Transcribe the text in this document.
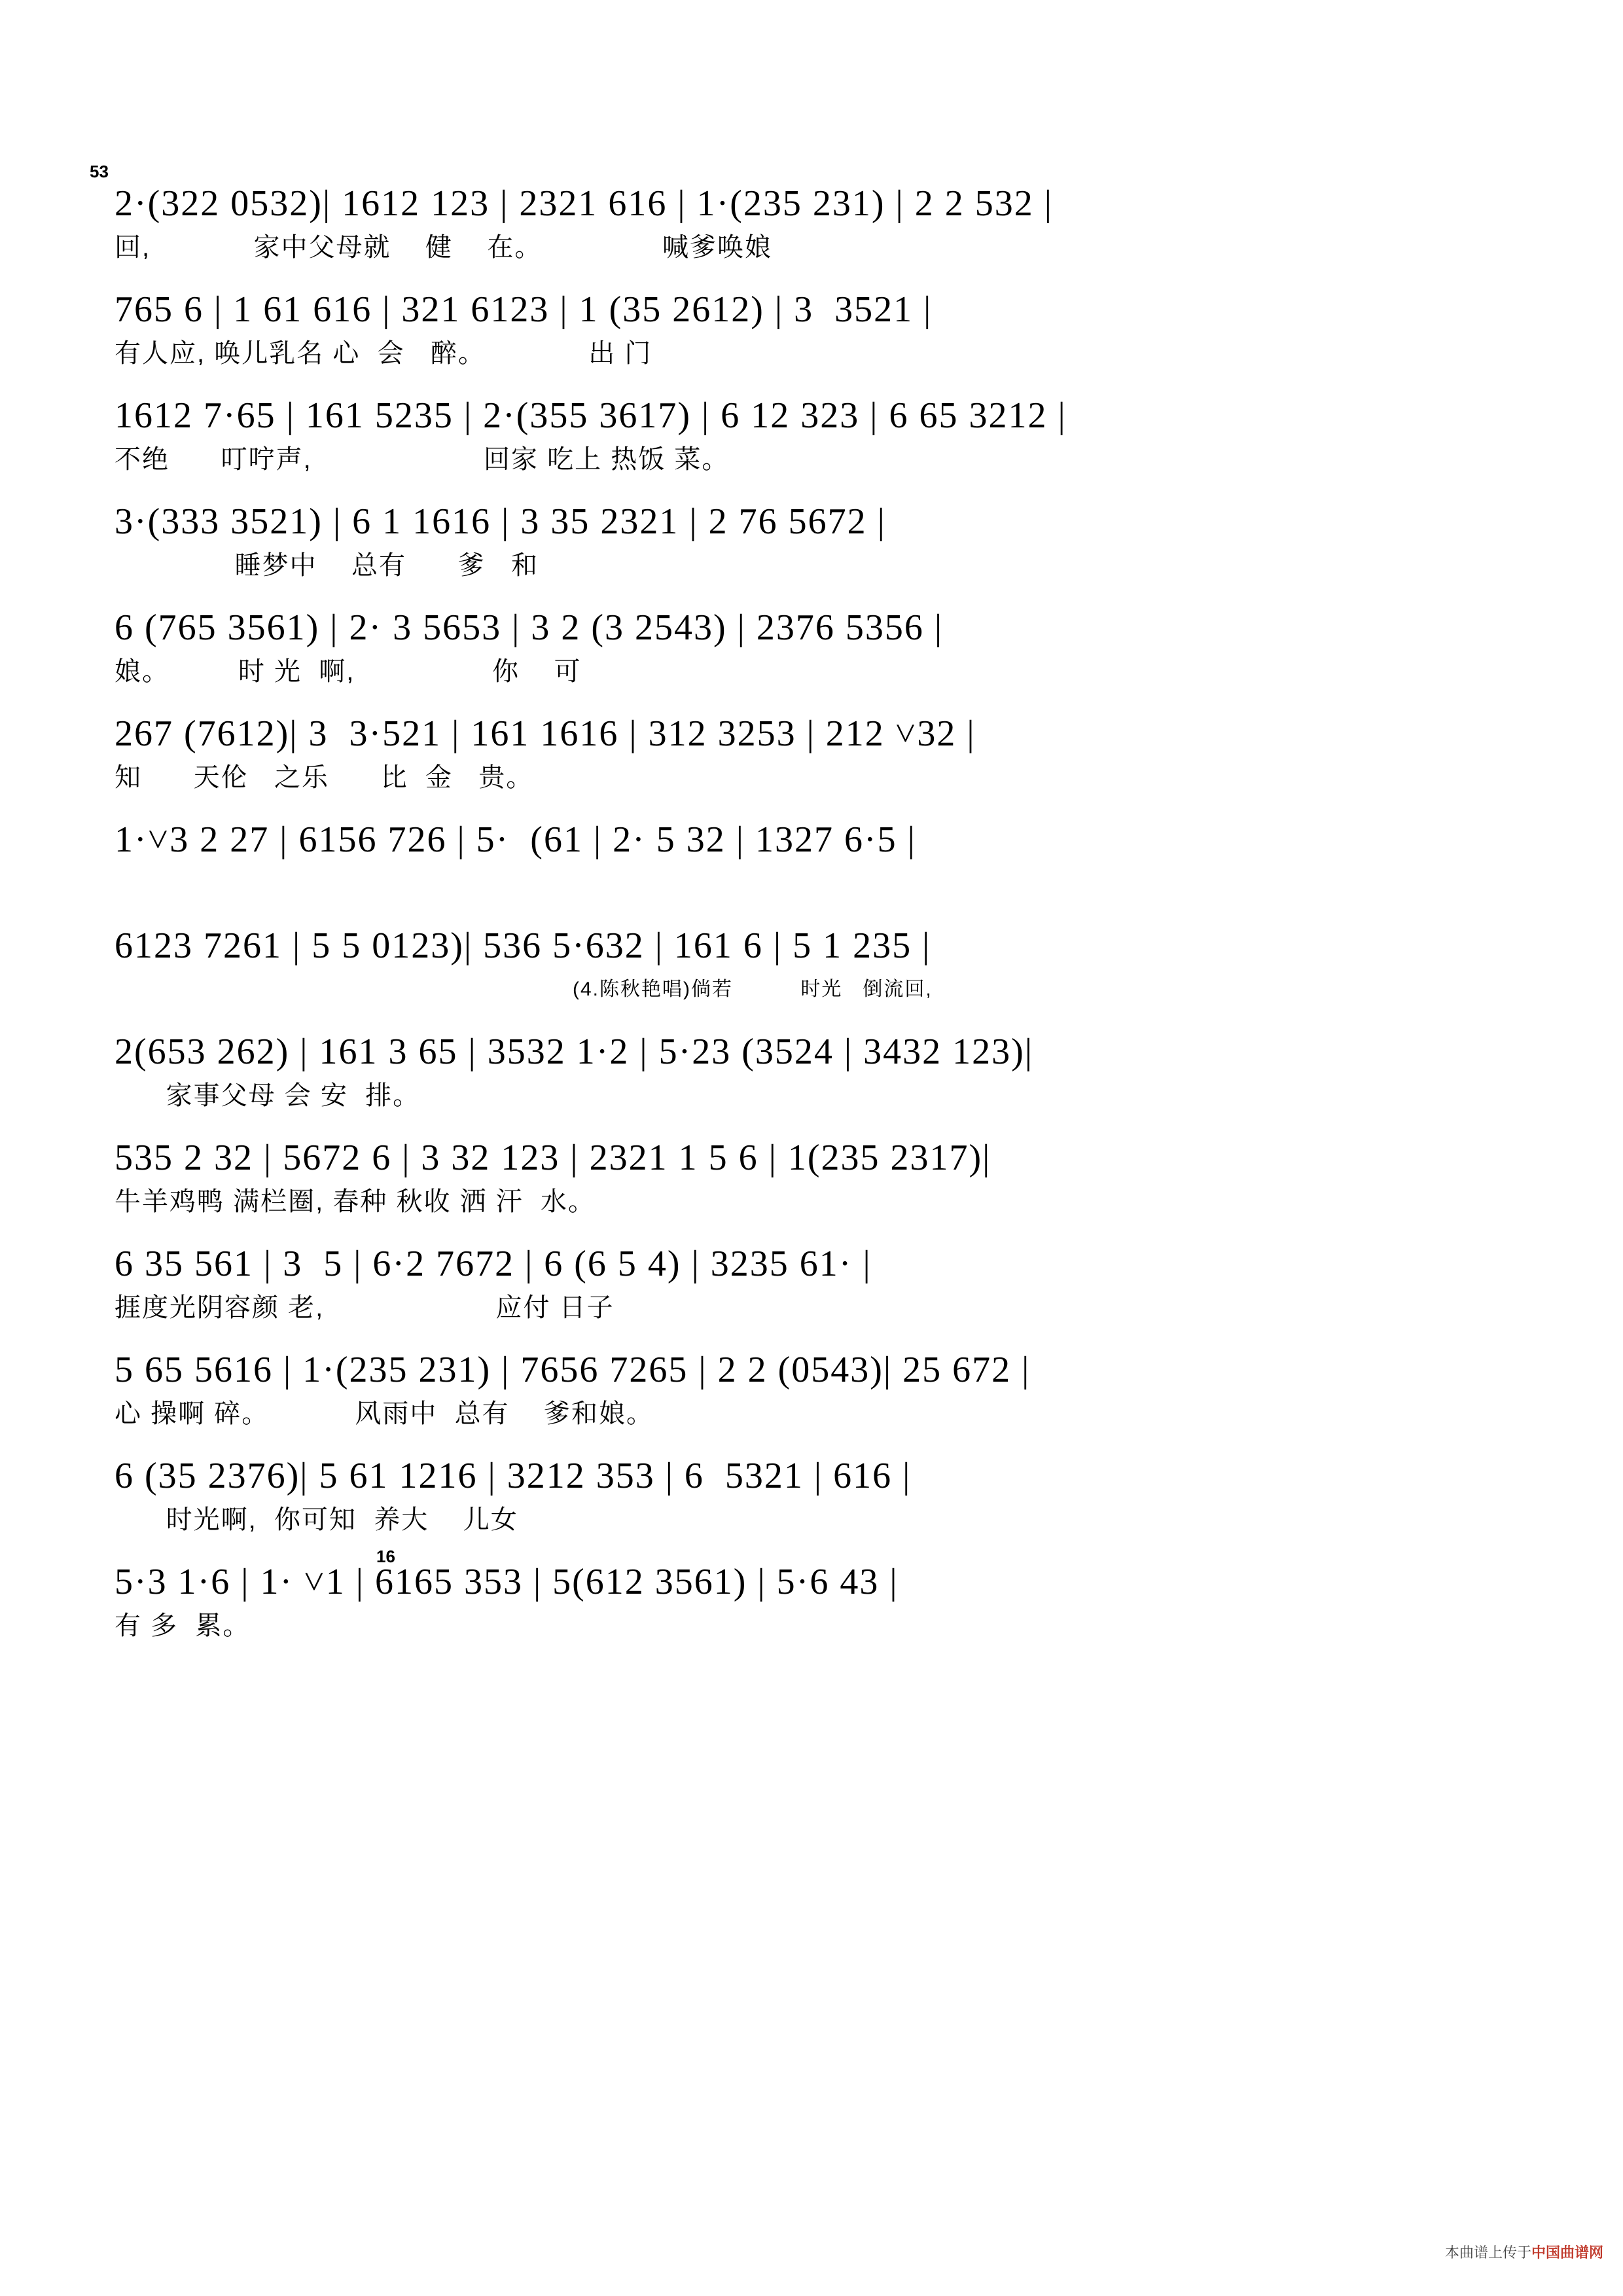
53
2·(322 0532)| 1612 123 | 2321 616 | 1·(235 231) | 2 2 532 |
回,            家中父母就    健    在。              喊爹唤娘
765 6 | 1 61 616 | 321 6123 | 1 (35 2612) | 3  3521 |
有人应, 唤儿乳名 心  会   醉。            出 门
1612 7·65 | 161 5235 | 2·(355 3617) | 6 12 323 | 6 65 3212 |
不绝      叮咛声,                    回家 吃上 热饭 菜。
3·(333 3521) | 6 1 1616 | 3 35 2321 | 2 76 5672 |
睡梦中    总有      爹   和
6 (765 3561) | 2· 3 5653 | 3 2 (3 2543) | 2376 5356 |
娘。        时 光  啊,                你    可
267 (7612)| 3  3·521 | 161 1616 | 312 3253 | 212 ˅32 |
知      天伦   之乐      比  金   贵。
1·˅3 2 27 | 6156 726 | 5·  (61 | 2· 5 32 | 1327 6·5 |
6123 7261 | 5 5 0123)| 536 5·632 | 161 6 | 5 1 235 |
(4.陈秋艳唱)倘若          时光   倒流回,
2(653 262) | 161 3 65 | 3532 1·2 | 5·23 (3524 | 3432 123)|
家事父母 会 安  排。
535 2 32 | 5672 6 | 3 32 123 | 2321 1 5 6 | 1(235 2317)|
牛羊鸡鸭 满栏圈, 春种 秋收 洒 汗  水。
6 35 561 | 3  5 | 6·2 7672 | 6 (6 5 4) | 3235 61· |
捱度光阴容颜 老,                    应付 日子
5 65 5616 | 1·(235 231) | 7656 7265 | 2 2 (0543)| 25 672 |
心 操啊 碎。          风雨中  总有    爹和娘。
6 (35 2376)| 5 61 1216 | 3212 353 | 6  5321 | 616 |
时光啊,  你可知  养大    儿女
16
5·3 1·6 | 1· ˅1 | 6165 353 | 5(612 3561) | 5·6 43 |
有 多  累。

本曲谱上传于中国曲谱网
